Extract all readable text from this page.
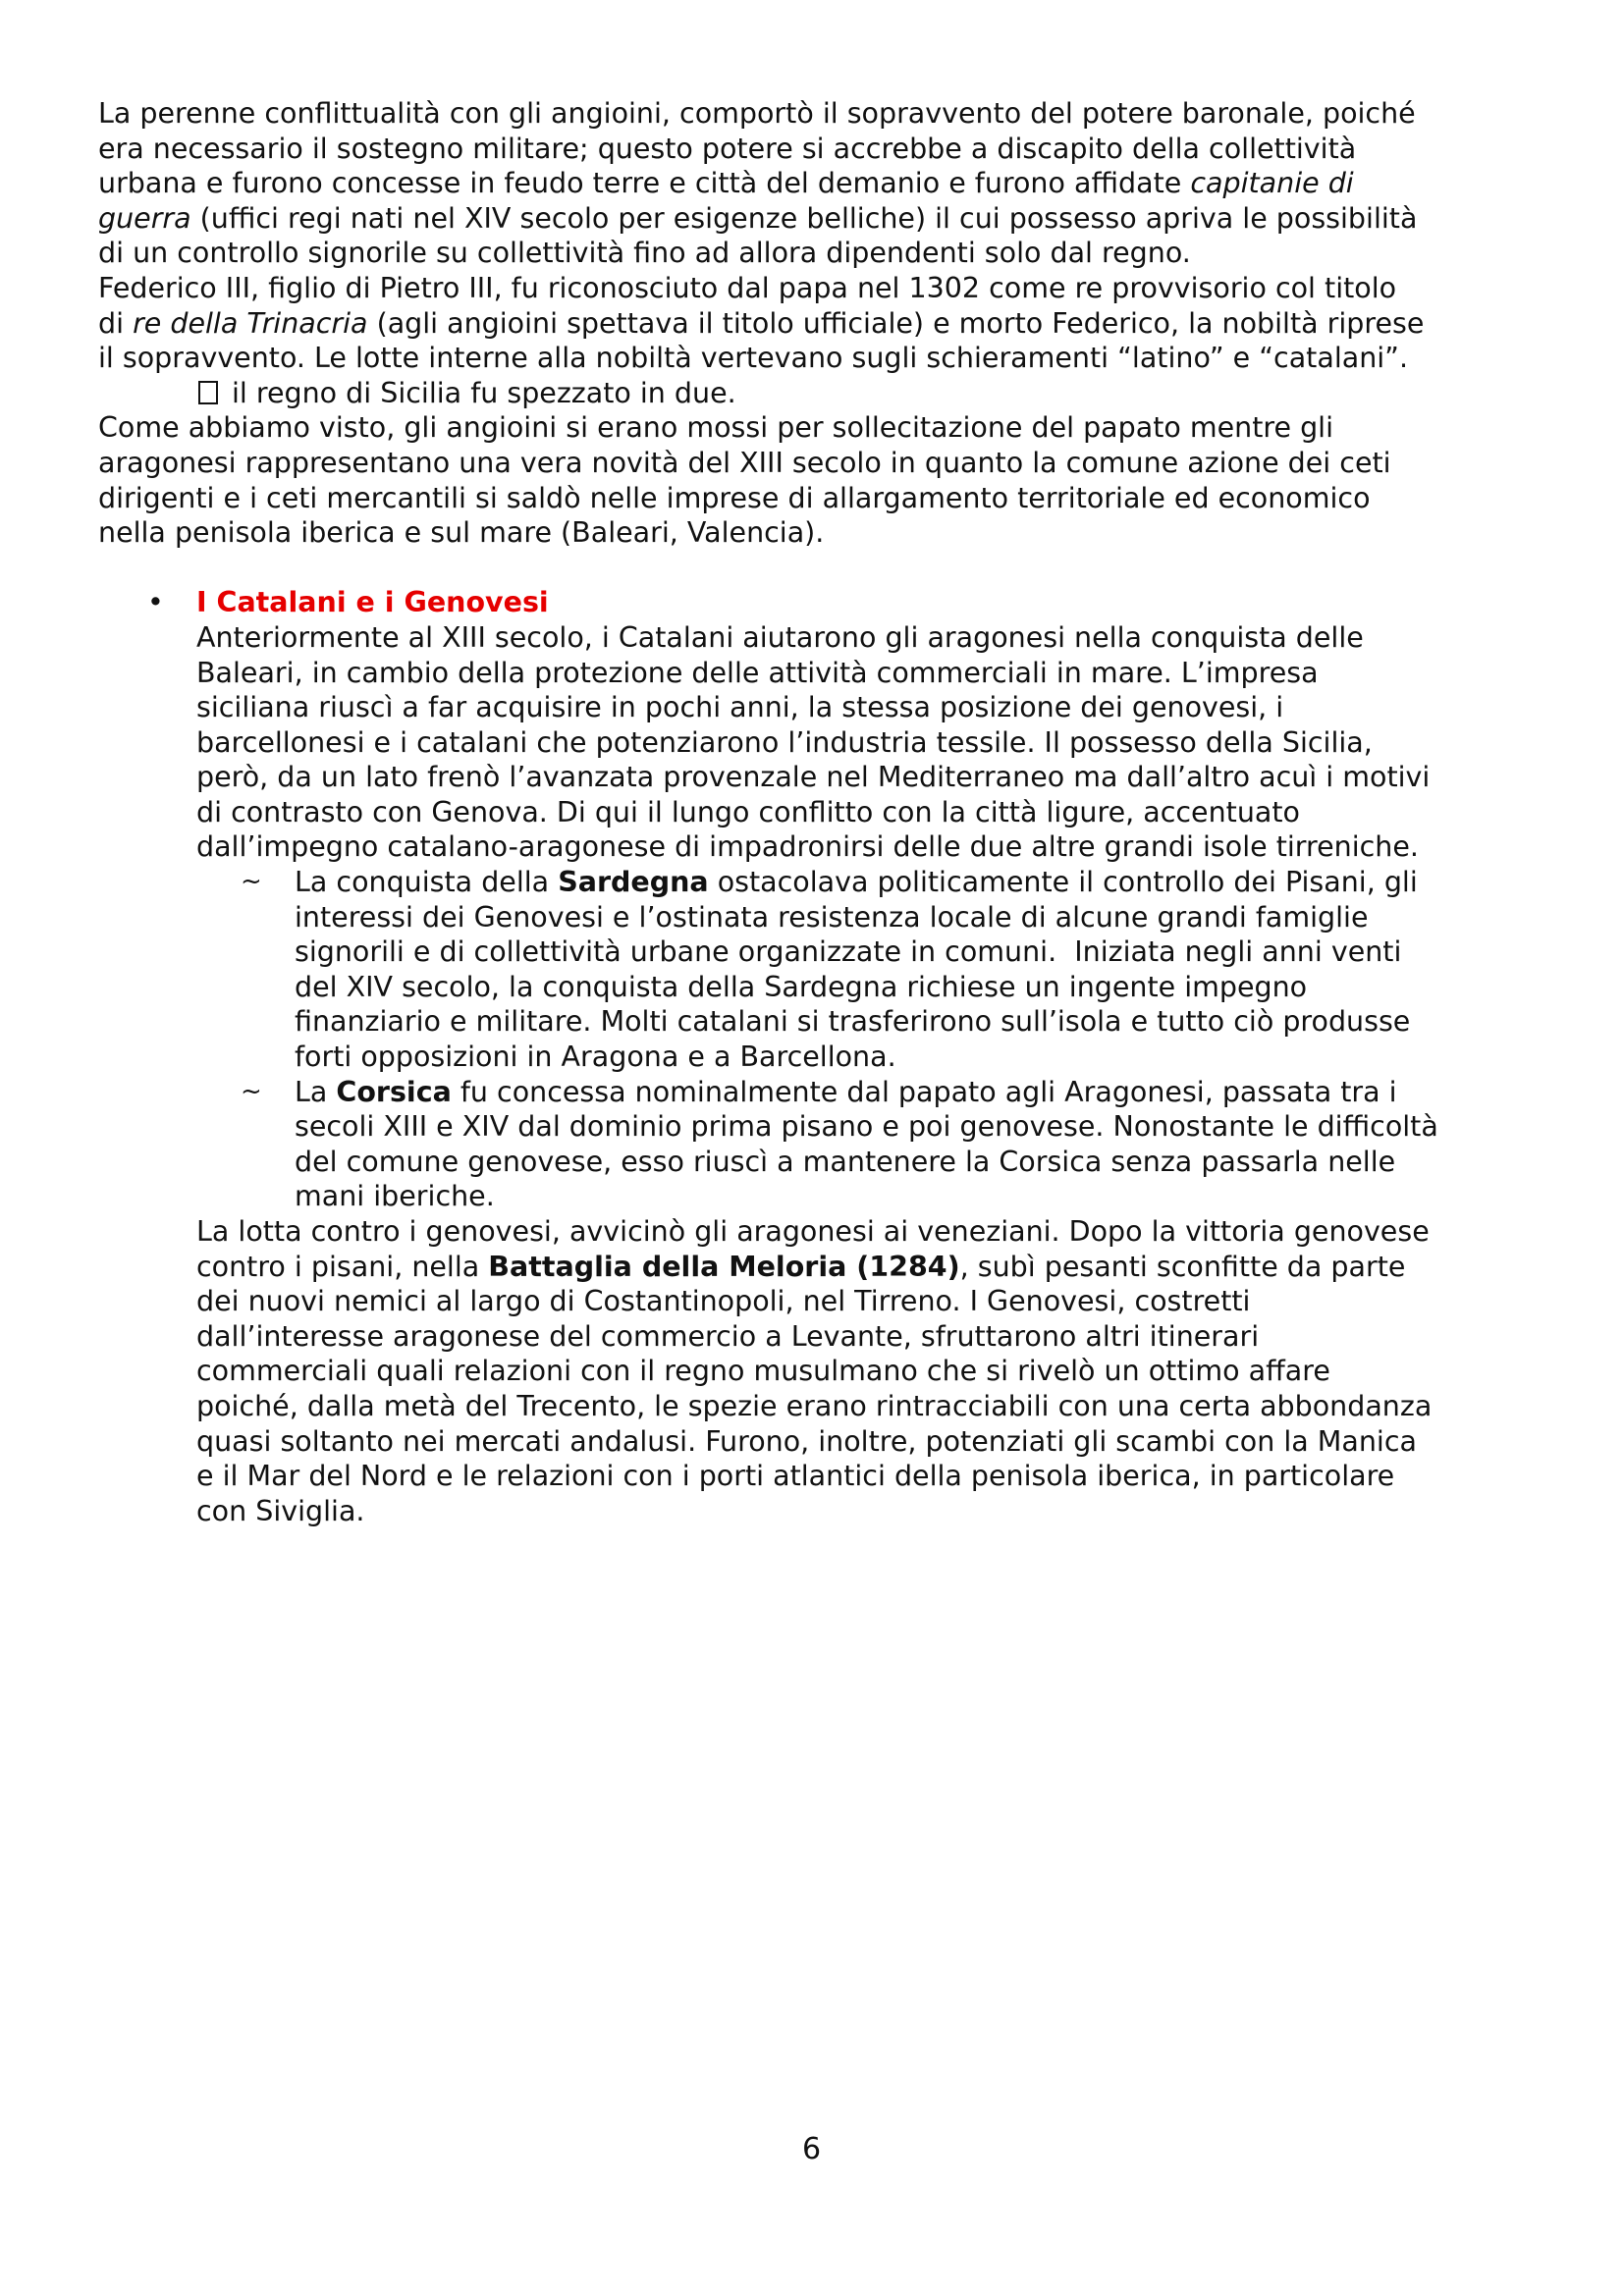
La perenne conflittualità con gli angioini, comportò il sopravvento del potere baronale, poiché
era necessario il sostegno militare; questo potere si accrebbe a discapito della collettività
urbana e furono concesse in feudo terre e città del demanio e furono affidate capitanie di
guerra (uffici regi nati nel XIV secolo per esigenze belliche) il cui possesso apriva le possibilità
di un controllo signorile su collettività fino ad allora dipendenti solo dal regno.
Federico III, figlio di Pietro III, fu riconosciuto dal papa nel 1302 come re provvisorio col titolo
di re della Trinacria (agli angioini spettava il titolo ufficiale) e morto Federico, la nobiltà riprese
il sopravvento. Le lotte interne alla nobiltà vertevano sugli schieramenti “latino” e “catalani”.
il regno di Sicilia fu spezzato in due.
Come abbiamo visto, gli angioini si erano mossi per sollecitazione del papato mentre gli
aragonesi rappresentano una vera novità del XIII secolo in quanto la comune azione dei ceti
dirigenti e i ceti mercantili si saldò nelle imprese di allargamento territoriale ed economico
nella penisola iberica e sul mare (Baleari, Valencia).
•	I Catalani e i Genovesi
Anteriormente al XIII secolo, i Catalani aiutarono gli aragonesi nella conquista delle
Baleari, in cambio della protezione delle attività commerciali in mare. L’impresa
siciliana riuscì a far acquisire in pochi anni, la stessa posizione dei genovesi, i
barcellonesi e i catalani che potenziarono l’industria tessile. Il possesso della Sicilia,
però, da un lato frenò l’avanzata provenzale nel Mediterraneo ma dall’altro acuì i motivi
di contrasto con Genova. Di qui il lungo conflitto con la città ligure, accentuato
dall’impegno catalano-aragonese di impadronirsi delle due altre grandi isole tirreniche.
~	La conquista della Sardegna ostacolava politicamente il controllo dei Pisani, gli
interessi dei Genovesi e l’ostinata resistenza locale di alcune grandi famiglie
signorili e di collettività urbane organizzate in comuni.  Iniziata negli anni venti
del XIV secolo, la conquista della Sardegna richiese un ingente impegno
finanziario e militare. Molti catalani si trasferirono sull’isola e tutto ciò produsse
forti opposizioni in Aragona e a Barcellona.
~	La Corsica fu concessa nominalmente dal papato agli Aragonesi, passata tra i
secoli XIII e XIV dal dominio prima pisano e poi genovese. Nonostante le difficoltà
del comune genovese, esso riuscì a mantenere la Corsica senza passarla nelle
mani iberiche.
La lotta contro i genovesi, avvicinò gli aragonesi ai veneziani. Dopo la vittoria genovese
contro i pisani, nella Battaglia della Meloria (1284), subì pesanti sconfitte da parte
dei nuovi nemici al largo di Costantinopoli, nel Tirreno. I Genovesi, costretti
dall’interesse aragonese del commercio a Levante, sfruttarono altri itinerari
commerciali quali relazioni con il regno musulmano che si rivelò un ottimo affare
poiché, dalla metà del Trecento, le spezie erano rintracciabili con una certa abbondanza
quasi soltanto nei mercati andalusi. Furono, inoltre, potenziati gli scambi con la Manica
e il Mar del Nord e le relazioni con i porti atlantici della penisola iberica, in particolare
con Siviglia.
6
